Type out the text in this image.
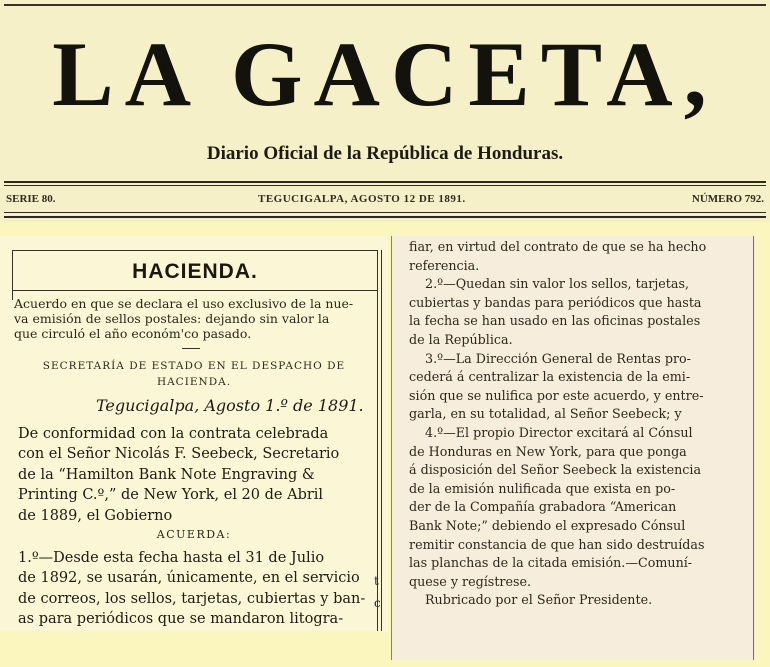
LA GACETA,
Diario Oficial de la República de Honduras.
SERIE 80.	TEGUCIGALPA, AGOSTO 12 DE 1891.	NÚMERO 792.
HACIENDA.
Acuerdo en que se declara el uso exclusivo de la nue-
va emisión de sellos postales: dejando sin valor la
que circuló el año económ'co pasado.
SECRETARÍA DE ESTADO EN EL DESPACHO DE
HACIENDA.
Tegucigalpa, Agosto 1.º de 1891.
De conformidad con la contrata celebrada
con el Señor Nicolás F. Seebeck, Secretario
de la “Hamilton Bank Note Engraving &
Printing C.º,” de New York, el 20 de Abril
de 1889, el Gobierno
ACUERDA:
1.º—Desde esta fecha hasta el 31 de Julio
de 1892, se usarán, únicamente, en el servicio
de correos, los sellos, tarjetas, cubiertas y ban-
as para periódicos que se mandaron litogra-
t
c
fiar, en virtud del contrato de que se ha hecho
referencia.
2.º—Quedan sin valor los sellos, tarjetas,
cubiertas y bandas para periódicos que hasta
la fecha se han usado en las oficinas postales
de la República.
3.º—La Dirección General de Rentas pro-
cederá á centralizar la existencia de la emi-
sión que se nulifica por este acuerdo, y entre-
garla, en su totalidad, al Señor Seebeck; y
4.º—El propio Director excitará al Cónsul
de Honduras en New York, para que ponga
á disposición del Señor Seebeck la existencia
de la emisión nulificada que exista en po-
der de la Compañía grabadora “American
Bank Note;” debiendo el expresado Cónsul
remitir constancia de que han sido destruídas
las planchas de la citada emisión.—Comuní-
quese y regístrese.
Rubricado por el Señor Presidente.
